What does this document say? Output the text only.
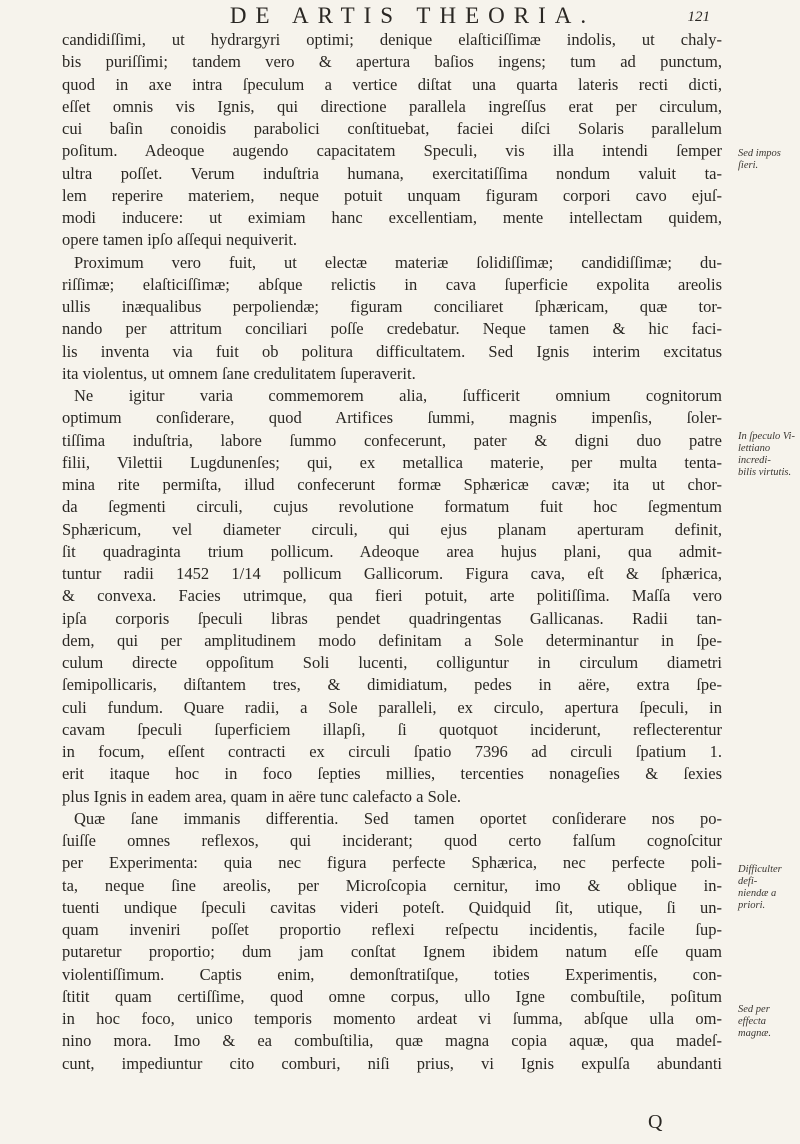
DE ARTIS THEORIA.	121
candidiſſimi, ut hydrargyri optimi; denique elaſticiſſimæ indolis, ut chaly-
bis puriſſimi; tandem vero & apertura baſios ingens; tum ad punctum,
quod in axe intra ſpeculum a vertice diſtat una quarta lateris recti dicti,
eſſet omnis vis Ignis, qui directione parallela ingreſſus erat per circulum,
cui baſin conoidis parabolici conſtituebat, faciei diſci Solaris parallelum
poſitum. Adeoque augendo capacitatem Speculi, vis illa intendi ſemper
ultra poſſet. Verum induſtria humana, exercitatiſſima nondum valuit ta-
lem reperire materiem, neque potuit unquam figuram corpori cavo ejuſ-
modi inducere: ut eximiam hanc excellentiam, mente intellectam quidem,
opere tamen ipſo aſſequi nequiverit.
Proximum vero fuit, ut electæ materiæ ſolidiſſimæ; candidiſſimæ; du-
riſſimæ; elaſticiſſimæ; abſque relictis in cava ſuperficie expolita areolis
ullis inæqualibus perpoliendæ; figuram conciliaret ſphæricam, quæ tor-
nando per attritum conciliari poſſe credebatur. Neque tamen & hic faci-
lis inventa via fuit ob politura difficultatem. Sed Ignis interim excitatus
ita violentus, ut omnem ſane credulitatem ſuperaverit.
Ne igitur varia commemorem alia, ſufficerit omnium cognitorum
optimum conſiderare, quod Artifices ſummi, magnis impenſis, ſoler-
tiſſima induſtria, labore ſummo confecerunt, pater & digni duo patre
filii, Vilettii Lugdunenſes; qui, ex metallica materie, per multa tenta-
mina rite permiſta, illud confecerunt formæ Sphæricæ cavæ; ita ut chor-
da ſegmenti circuli, cujus revolutione formatum fuit hoc ſegmentum
Sphæricum, vel diameter circuli, qui ejus planam aperturam definit,
ſit quadraginta trium pollicum. Adeoque area hujus plani, qua admit-
tuntur radii 1452 1/14 pollicum Gallicorum. Figura cava, eſt & ſphærica,
& convexa. Facies utrimque, qua fieri potuit, arte politiſſima. Maſſa vero
ipſa corporis ſpeculi libras pendet quadringentas Gallicanas. Radii tan-
dem, qui per amplitudinem modo definitam a Sole determinantur in ſpe-
culum directe oppoſitum Soli lucenti, colliguntur in circulum diametri
ſemipollicaris, diſtantem tres, & dimidiatum, pedes in aëre, extra ſpe-
culi fundum. Quare radii, a Sole paralleli, ex circulo, apertura ſpeculi, in
cavam ſpeculi ſuperficiem illapſi, ſi quotquot inciderunt, reflecterentur
in focum, eſſent contracti ex circuli ſpatio 7396 ad circuli ſpatium 1.
erit itaque hoc in foco ſepties millies, tercenties nonageſies & ſexies
plus Ignis in eadem area, quam in aëre tunc calefacto a Sole.
Quæ ſane immanis differentia. Sed tamen oportet conſiderare nos po-
ſuiſſe omnes reflexos, qui inciderant; quod certo falſum cognoſcitur
per Experimenta: quia nec figura perfecte Sphærica, nec perfecte poli-
ta, neque ſine areolis, per Microſcopia cernitur, imo & oblique in-
tuenti undique ſpeculi cavitas videri poteſt. Quidquid ſit, utique, ſi un-
quam inveniri poſſet proportio reflexi reſpectu incidentis, facile ſup-
putaretur proportio; dum jam conſtat Ignem ibidem natum eſſe quam
violentiſſimum. Captis enim, demonſtratiſque, toties Experimentis, con-
ſtitit quam certiſſime, quod omne corpus, ullo Igne combuſtile, poſitum
in hoc foco, unico temporis momento ardeat vi ſumma, abſque ulla om-
nino mora. Imo & ea combuſtilia, quæ magna copia aquæ, qua madeſ-
cunt, impediuntur cito comburi, niſi prius, vi Ignis expulſa abundanti
Sed impos ſieri.
In ſpeculo Vi-
lettiano incredi-
bilis virtutis.
Difficulter defi-
niendæ a priori.
Sed per effecta
magnæ.
Q
